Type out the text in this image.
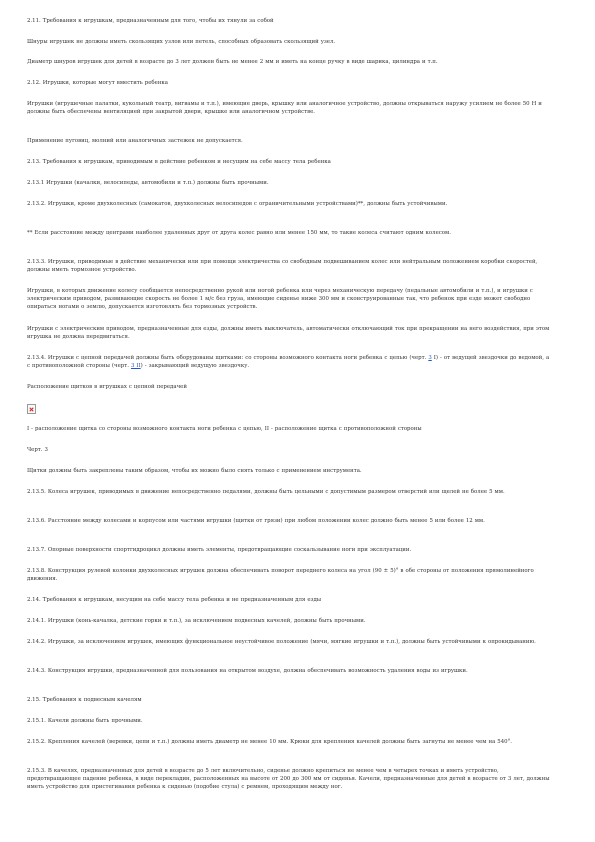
2.11. Требования к игрушкам, предназначенным для того, чтобы их тянули за собой

Шнуры игрушек не должны иметь скользящих узлов или петель, способных образовать скользящий узел.

Диаметр шнуров игрушек для детей в возрасте до 3 лет должен быть не менее 2 мм и иметь на конце ручку в виде шарика, цилиндра и т.п.

2.12. Игрушки, которые могут вместить ребенка

Игрушки (игрушечные палатки, кукольный театр, вигвамы и т.п.), имеющие дверь, крышку или аналогичное устройство, должны открываться наружу усилием не более 50 Н и должны быть обеспечены вентиляцией при закрытой двери, крышке или аналогичном устройстве.

Применение пуговиц, молний или аналогичных застежек не допускается.

2.13. Требования к игрушкам, приводимым в действие ребенком и несущим на себе массу тела ребенка

2.13.1 Игрушки (качалки, велосипеды, автомобили и т.п.) должны быть прочными.

2.13.2. Игрушки, кроме двухколесных (самокатов, двухколесных велосипедов с ограничительными устройствами)**, должны быть устойчивыми.

** Если расстояние между центрами наиболее удаленных друг от друга колес равно или менее 150 мм, то такие колеса считают одним колесом.

2.13.3. Игрушки, приводимые в действие механически или при помощи электричества со свободным подвешиванием колес или нейтральным положением коробки скоростей, должны иметь тормозное устройство.

Игрушки, в которых движение колесу сообщается непосредственно рукой или ногой ребенка или через механическую передачу (педальные автомобили и т.п.), и игрушки с электрическим приводом, развивающие скорость не более 1 м/с без груза, имеющие сиденье ниже 300 мм и сконструированные так, что ребенок при езде может свободно опираться ногами о землю, допускается изготовлять без тормозных устройств.

Игрушки с электрическим приводом, предназначенные для езды, должны иметь выключатель, автоматически отключающий ток при прекращении на него воздействия, при этом игрушка не должна передвигаться.

2.13.4. Игрушки с цепной передачей должны быть оборудованы щитками: со стороны возможного контакта ноги ребенка с цепью (черт. 3 I) - от ведущей звездочки до ведомой, а с противоположной стороны (черт. 3 II) - закрывающий ведущую звездочку.

Расположение щитков в игрушках с цепной передачей

I - расположение щитка со стороны возможного контакта ноги ребенка с цепью, II - расположение щитка с противоположной стороны

Черт. 3

Щитки должны быть закреплены таким образом, чтобы их можно было снять только с применением инструмента.

2.13.5. Колеса игрушек, приводимых в движение непосредственно педалями, должны быть цельными с допустимым размером отверстий или щелей не более 5 мм.

2.13.6. Расстояние между колесами и корпусом или частями игрушки (щитки от грязи) при любом положении колес должно быть менее 5 или более 12 мм.

2.13.7. Опорные поверхности спортгидроцикл должны иметь элементы, предотвращающие соскальзывание ноги при эксплуатации.

2.13.8. Конструкция рулевой колонки двухколесных игрушек должна обеспечивать поворот переднего колеса на угол (90 ± 5)° в обе стороны от положения прямолинейного движения.

2.14. Требования к игрушкам, несущим на себе массу тела ребенка и не предназначенным для езды

2.14.1. Игрушки (конь-качалка, детские горки и т.п.), за исключением подвесных качелей, должны быть прочными.

2.14.2. Игрушки, за исключением игрушек, имеющих функциональное неустойчивое положение (мячи, мягкие игрушки и т.п.), должны быть устойчивыми к опрокидыванию.

2.14.3. Конструкция игрушки, предназначенной для пользования на открытом воздухе, должна обеспечивать возможность удаления воды из игрушки.

2.15. Требования к подвесным качелям

2.15.1. Качели должны быть прочными.

2.15.2. Крепления качелей (веревки, цепи и т.п.) должны иметь диаметр не менее 10 мм. Крюки для крепления качелей должны быть загнуты не менее чем на 540°.

2.15.3. В качелях, предназначенных для детей в возрасте до 5 лет включительно, сиденье должно крепиться не менее чем в четырех точках и иметь устройство, предотвращающее падение ребенка, в виде перекладин, расположенных на высоте от 200 до 300 мм от сиденья. Качели, предназначенные для детей в возрасте от 3 лет, должны иметь устройство для пристегивания ребенка к сиденью (подобие стула) с ремнем, проходящим между ног.
